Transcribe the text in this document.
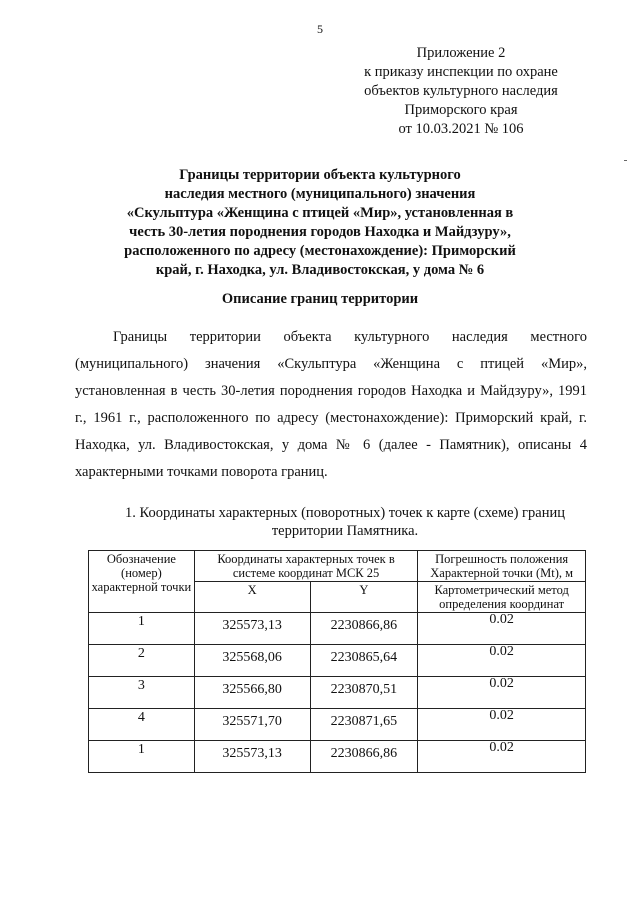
5
Приложение 2
к приказу инспекции по охране
объектов культурного наследия
Приморского края
от 10.03.2021 № 106
Границы территории объекта культурного
наследия местного (муниципального) значения
«Скульптура «Женщина с птицей «Мир», установленная в
честь 30-летия породнения городов Находка и Майдзуру»,
расположенного по адресу (местонахождение): Приморский
край, г. Находка, ул. Владивостокская, у дома № 6
Описание границ территории
Границы территории объекта культурного наследия местного
(муниципального) значения «Скульптура «Женщина с птицей «Мир»,
установленная в честь 30-летия породнения городов Находка и Майдзуру», 1991
г., 1961 г., расположенного по адресу (местонахождение): Приморский край, г.
Находка, ул. Владивостокская, у дома № 6 (далее - Памятник), описаны 4
характерными точками поворота границ.
1. Координаты характерных (поворотных) точек к карте (схеме) границ
территории Памятника.
Обозначение (номер) характерной точки	Координаты характерных точек в системе координат МСК 25		Погрешность положения Характерной точки (Mt), м
	X	Y	Картометрический метод определения координат
1	325573,13	2230866,86	0.02
2	325568,06	2230865,64	0.02
3	325566,80	2230870,51	0.02
4	325571,70	2230871,65	0.02
1	325573,13	2230866,86	0.02
